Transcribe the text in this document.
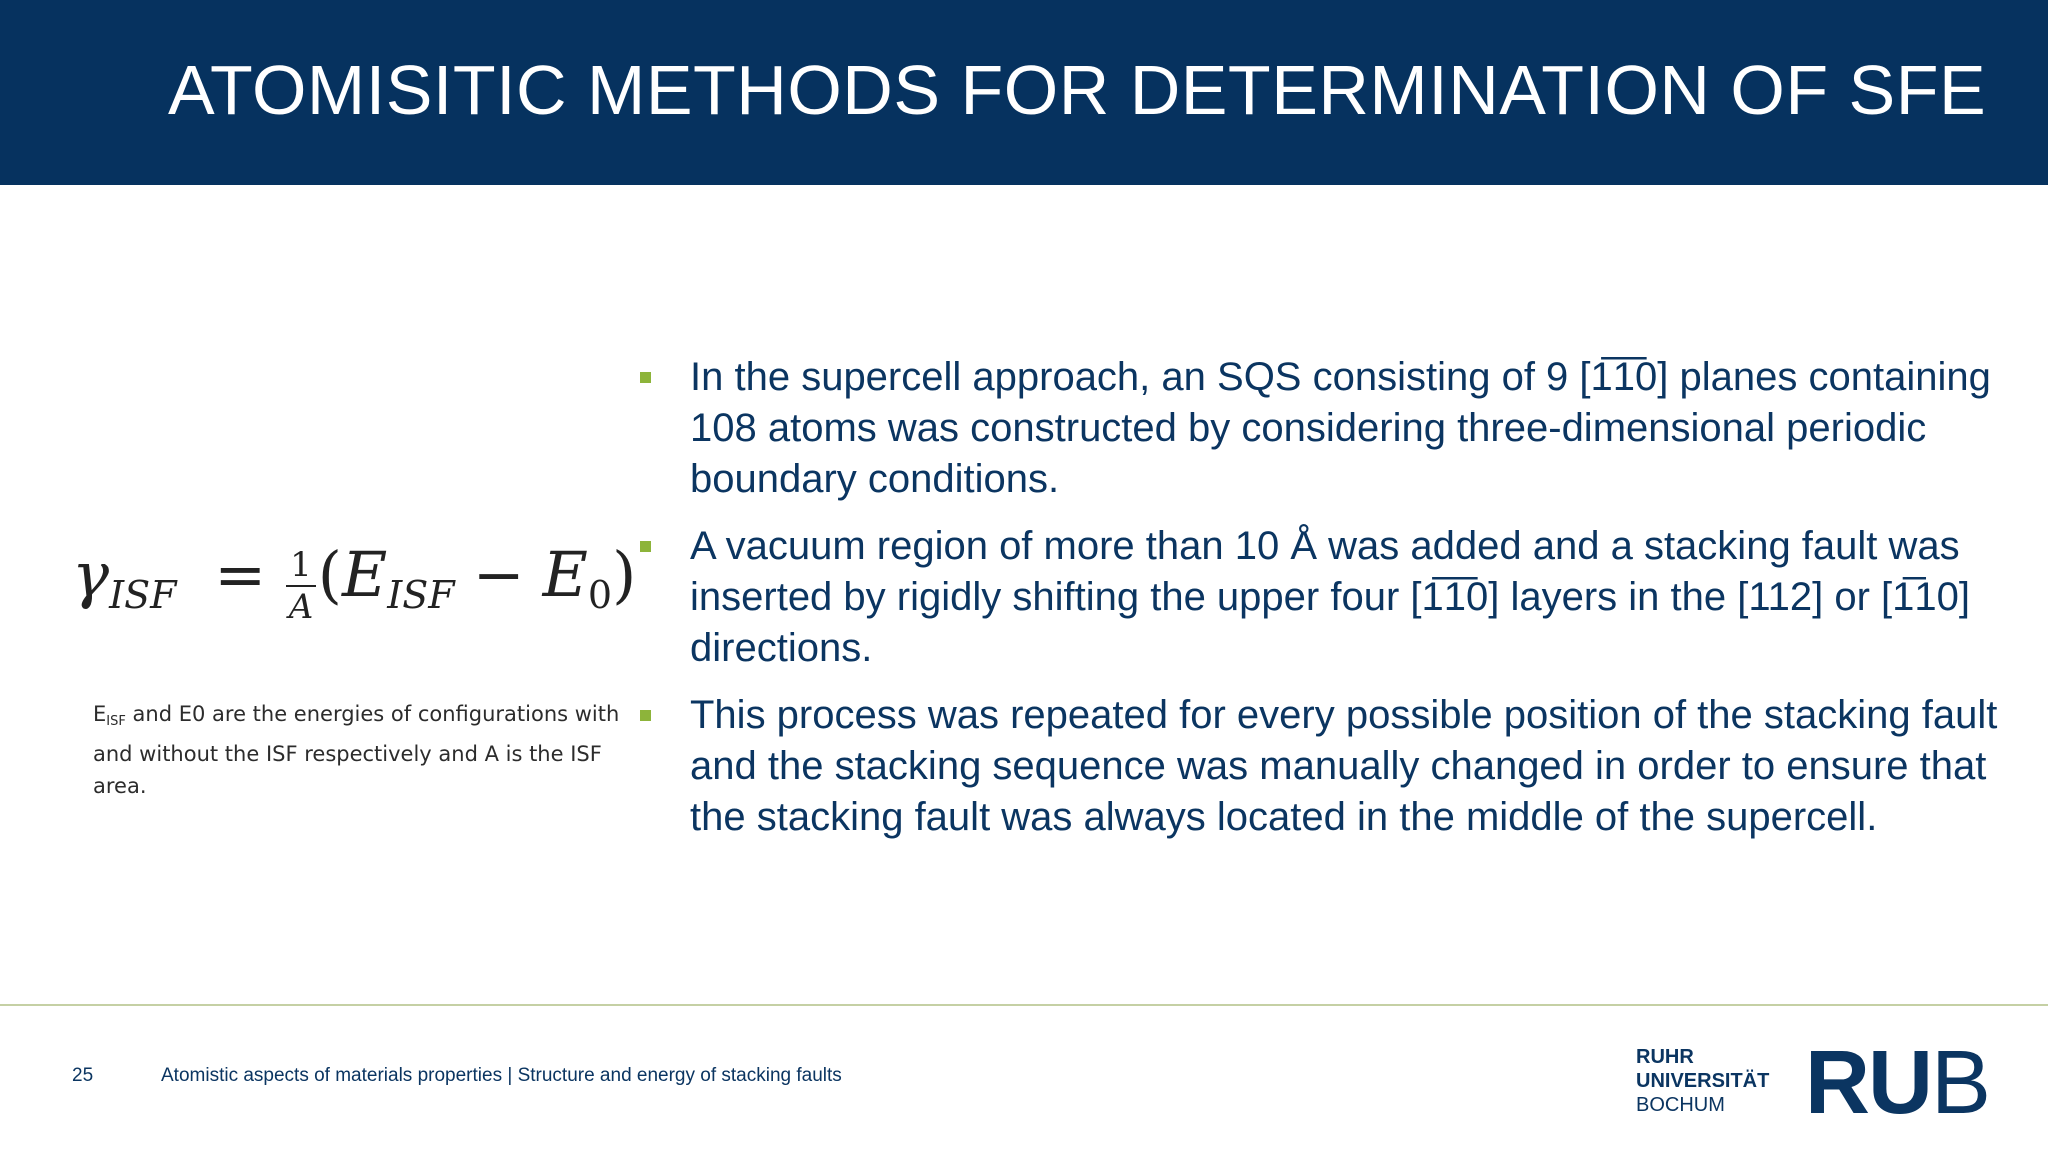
ATOMISITIC METHODS FOR DETERMINATION OF SFE
$\gamma_{ISF} = \frac{1}{A} (E_{ISF} - E0)$
EISF and E0 are the energies of configurations with and without the ISF respectively and A is the ISF area.
In the supercell approach, an SQS consisting of 9 [1̅1̅0] planes containing 108 atoms was constructed by considering three-dimensional periodic boundary conditions.
A vacuum region of more than 10 Å was added and a stacking fault was inserted by rigidly shifting the upper four [1̅1̅0] layers in the [112] or [1̅10] directions.
This process was repeated for every possible position of the stacking fault and the stacking sequence was manually changed in order to ensure that the stacking fault was always located in the middle of the supercell.
25	Atomistic aspects of materials properties | Structure and energy of stacking faults
RUHR
UNIVERSITÄT
BOCHUM RUB
